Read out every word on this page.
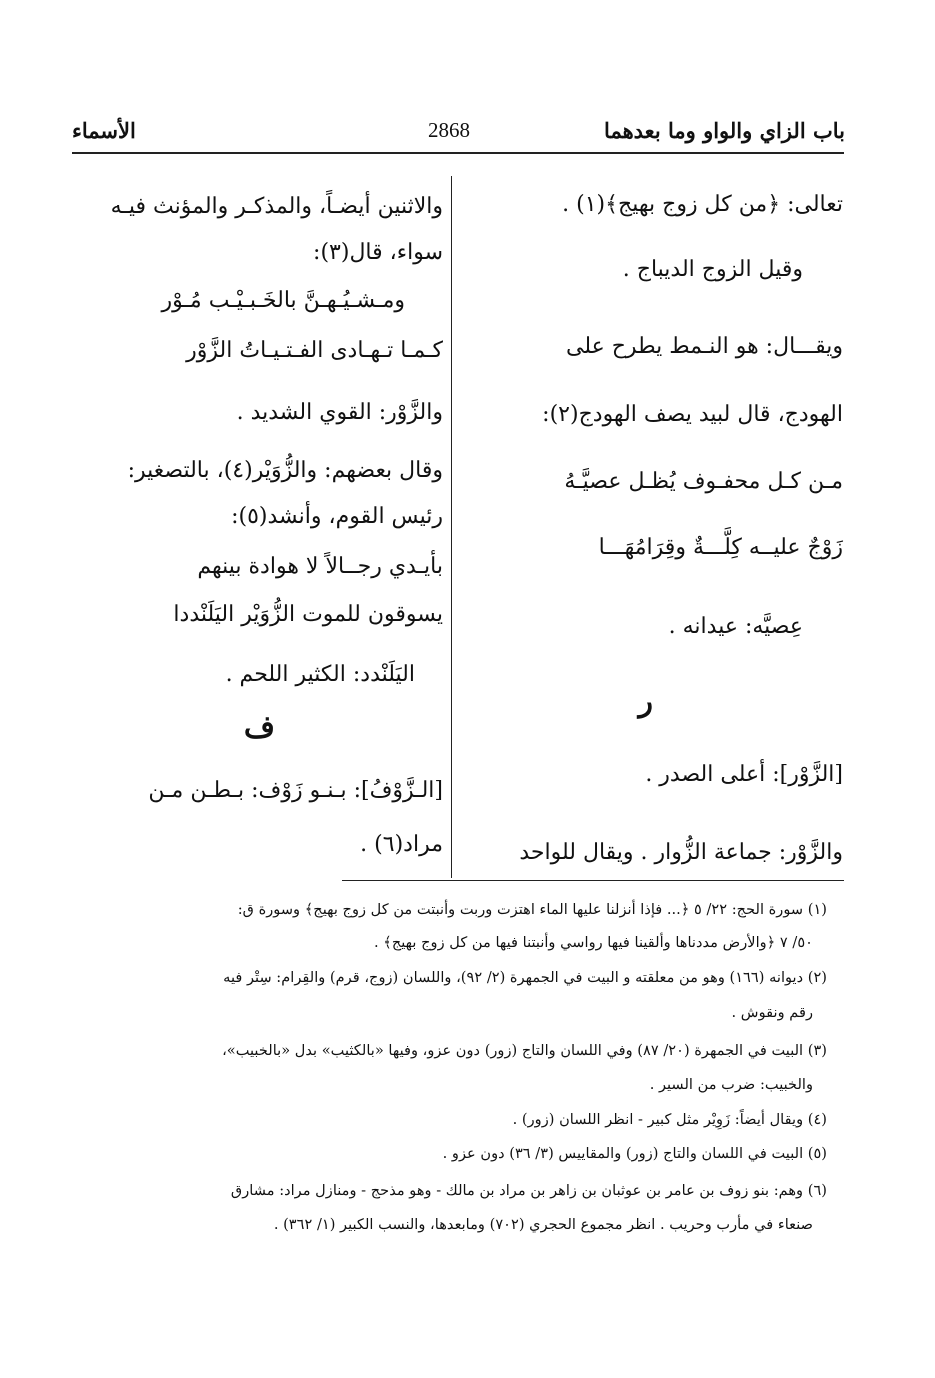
باب الزاي والواو وما بعدهما
2868
الأسماء
تعالى: ﴿من كل زوج بهيج﴾(١) .
وقيل الزوج الديباج .
ويقـــال: هو النـمط يطرح على
الهودج، قال لبيد يصف الهودج(٢):
مـن كـل محفـوف يُظـل عصيَّـهُ
زَوْجٌ عليــه كِلَّـــةٌ وقِرَامُهَـــا
عِصيَّه: عيدانه .
ر
[الزَّوْر]: أعلى الصدر .
والزَّوْر: جماعة الزُّوار . ويقال للواحد
والاثنين أيضـاً، والمذكـر والمؤنث فيـه
سواء، قال(٣):
ومـشـيُـهـنَّ بالخَـبـيْـب مُـوْر
كـمـا تـهـادى الفـتـيـاتُ الزَّوْر
والزَّوْر: القوي الشديد .
وقال بعضهم: والزُّوَيْر(٤)، بالتصغير:
رئيس القوم، وأنشد(٥):
بأيـدي رجــالاً لا هوادة بينهم
يسوقون للموت الزُّوَيْر اليَلَنْددا
اليَلَنْدد: الكثير اللحم .
ف
[الـزَّوْفُ]: بـنـو زَوْف: بـطـن مـن
مراد(٦) .
(١) سورة الحج: ٢٢/ ٥ ﴿... فإذا أنزلنا عليها الماء اهتزت وربت وأنبتت من كل زوج بهيج﴾ وسورة ق:
٥٠/ ٧ ﴿والأرض مددناها وألقينا فيها رواسي وأنبتنا فيها من كل زوج بهيج﴾ .
(٢) ديوانه (١٦٦) وهو من معلقته و البيت في الجمهرة (٢/ ٩٢)، واللسان (زوج، قرم) والقِرام: سِتْر فيه
رقم ونقوش .
(٣) البيت في الجمهرة (٢٠/ ٨٧) وفي اللسان والتاج (زور) دون عزو، وفيها «بالكثيب» بدل «بالخبيب»،
والخبيب: ضرب من السير .
(٤) ويقال أيضاً: زَوِيْر مثل كبير - انظر اللسان (زور) .
(٥) البيت في اللسان والتاج (زور) والمقاييس (٣/ ٣٦) دون عزو .
(٦) وهم: بنو زوف بن عامر بن عوثبان بن زاهر بن مراد بن مالك - وهو مذحج - ومنازل مراد: مشارق
صنعاء في مأرب وحريب . انظر مجموع الحجري (٧٠٢) ومابعدها، والنسب الكبير (١/ ٣٦٢) .
